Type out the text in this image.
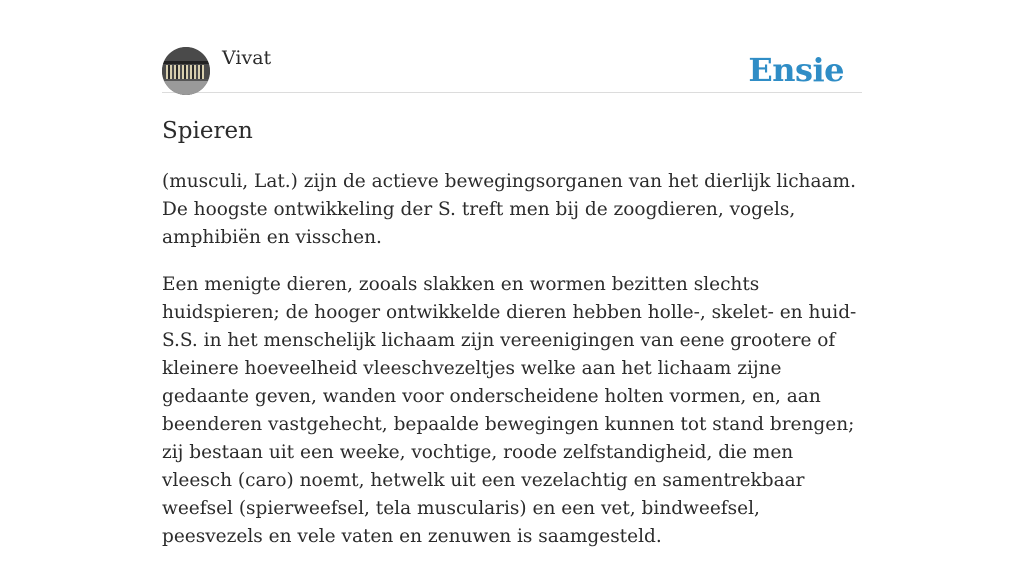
Vivat	Ensie
Spieren

(musculi, Lat.) zijn de actieve bewegingsorganen van het dierlijk lichaam. De hoogste ontwikkeling der S. treft men bij de zoogdieren, vogels, amphibiën en visschen.

Een menigte dieren, zooals slakken en wormen bezitten slechts huidspieren; de hooger ontwikkelde dieren hebben holle-, skelet- en huid-S.S. in het menschelijk lichaam zijn vereenigingen van eene grootere of kleinere hoeveelheid vleeschvezeltjes welke aan het lichaam zijne gedaante geven, wanden voor onderscheidene holten vormen, en, aan beenderen vastgehecht, bepaalde bewegingen kunnen tot stand brengen; zij bestaan uit een weeke, vochtige, roode zelfstandigheid, die men vleesch (caro) noemt, hetwelk uit een vezelachtig en samentrekbaar weefsel (spierweefsel, tela muscularis) en een vet, bindweefsel, peesvezels en vele vaten en zenuwen is saamgesteld.
